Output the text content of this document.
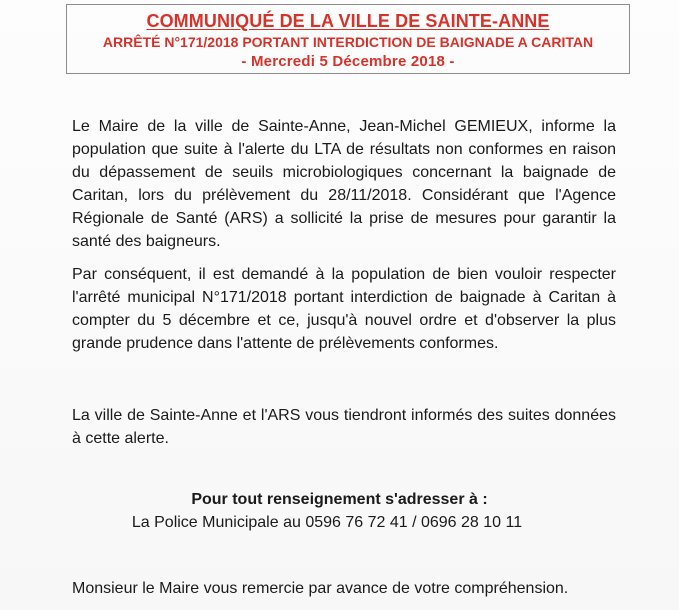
COMMUNIQUÉ DE LA VILLE DE SAINTE-ANNE
ARRÊTÉ N°171/2018 PORTANT INTERDICTION DE BAIGNADE A CARITAN
- Mercredi 5 Décembre 2018 -

Le Maire de la ville de Sainte-Anne, Jean-Michel GEMIEUX, informe la population que suite à l'alerte du LTA de résultats non conformes en raison du dépassement de seuils microbiologiques concernant la baignade de Caritan, lors du prélèvement du 28/11/2018. Considérant que l'Agence Régionale de Santé (ARS) a sollicité la prise de mesures pour garantir la santé des baigneurs.

Par conséquent, il est demandé à la population de bien vouloir respecter l'arrêté municipal N°171/2018 portant interdiction de baignade à Caritan à compter du 5 décembre et ce, jusqu'à nouvel ordre et d'observer la plus grande prudence dans l'attente de prélèvements conformes.

La ville de Sainte-Anne et l'ARS vous tiendront informés des suites données à cette alerte.

Pour tout renseignement s'adresser à :

La Police Municipale au 0596 76 72 41 / 0696 28 10 11

Monsieur le Maire vous remercie par avance de votre compréhension.
